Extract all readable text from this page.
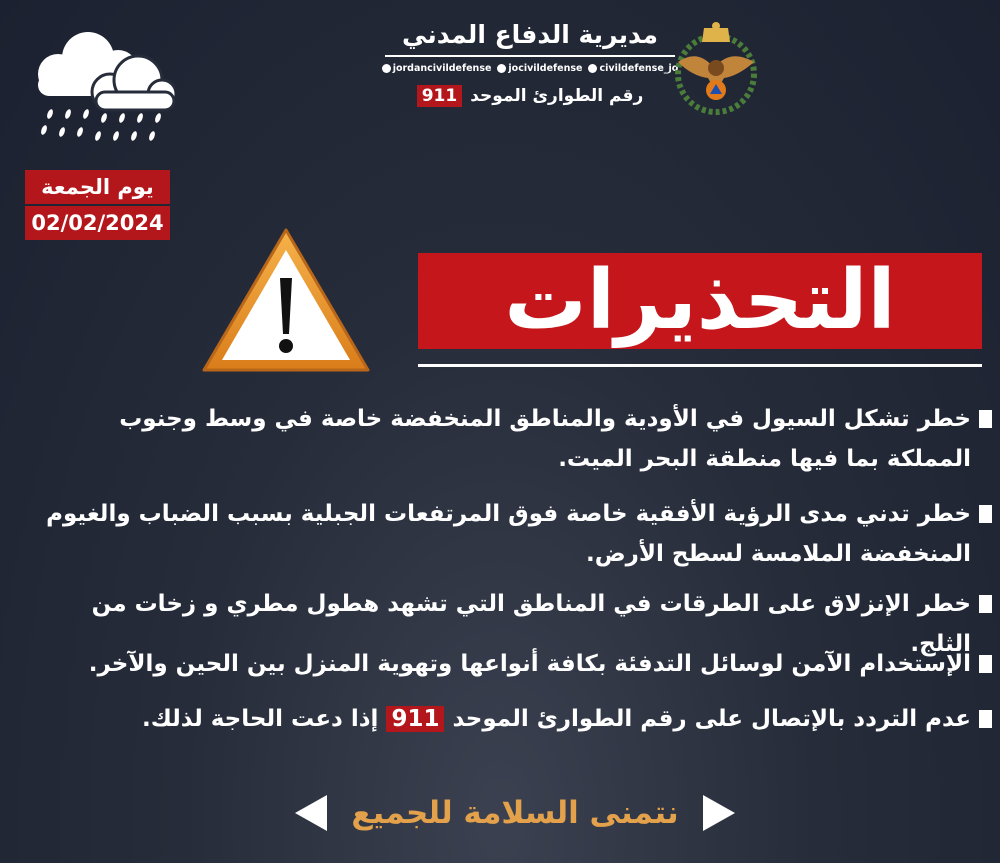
يوم الجمعة
02/02/2024
مديرية الدفاع المدني
jordancivildefense jocivildefense civildefense_jo
911 رقم الطوارئ الموحد
التحذيرات
خطر تشكل السيول في الأودية والمناطق المنخفضة خاصة في وسط وجنوب المملكة بما فيها منطقة البحر الميت.
خطر تدني مدى الرؤية الأفقية خاصة فوق المرتفعات الجبلية بسبب الضباب والغيوم المنخفضة الملامسة لسطح الأرض.
خطر الإنزلاق على الطرقات في المناطق التي تشهد هطول مطري و زخات من الثلج.
الإستخدام الآمن لوسائل التدفئة بكافة أنواعها وتهوية المنزل بين الحين والآخر.
عدم التردد بالإتصال على رقم الطوارئ الموحد 911 إذا دعت الحاجة لذلك.
نتمنى السلامة للجميع
